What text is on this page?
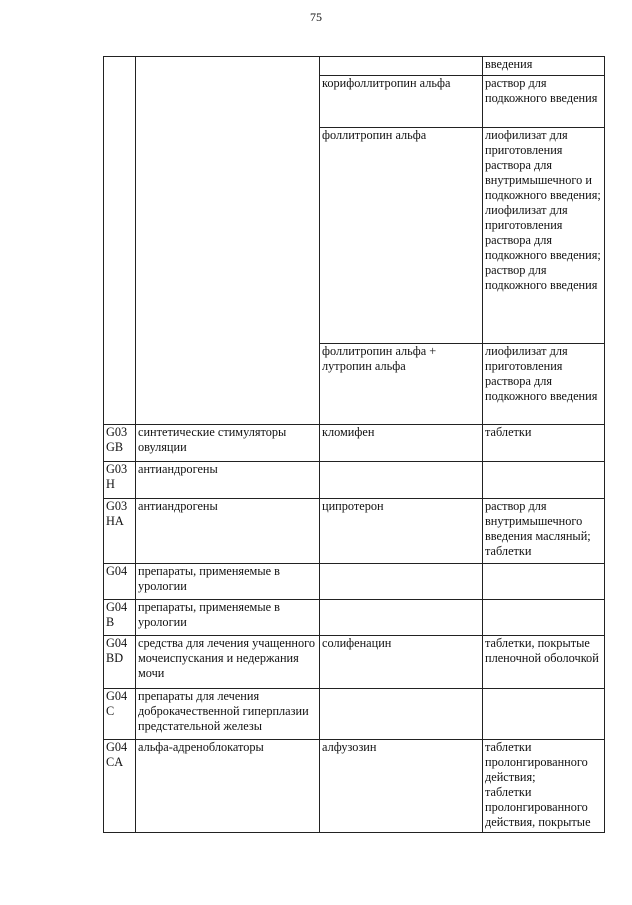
75
			введения
		корифоллитропин альфа	раствор для подкожного введения
		фоллитропин альфа	лиофилизат для приготовления раствора для внутримышечного и подкожного введения;
лиофилизат для приготовления раствора для подкожного введения;
раствор для подкожного введения
		фоллитропин альфа + лутропин альфа	лиофилизат для приготовления раствора для подкожного введения
G03 GB	синтетические стимуляторы овуляции	кломифен	таблетки
G03 H	антиандрогены		
G03 HA	антиандрогены	ципротерон	раствор для внутримышечного введения масляный;
таблетки
G04	препараты, применяемые в урологии		
G04 B	препараты, применяемые в урологии		
G04 BD	средства для лечения учащенного мочеиспускания и недержания мочи	солифенацин	таблетки, покрытые пленочной оболочкой
G04 C	препараты для лечения доброкачественной гиперплазии предстательной железы		
G04 CA	альфа-адреноблокаторы	алфузозин	таблетки пролонгированного действия;
таблетки пролонгированного действия, покрытые
